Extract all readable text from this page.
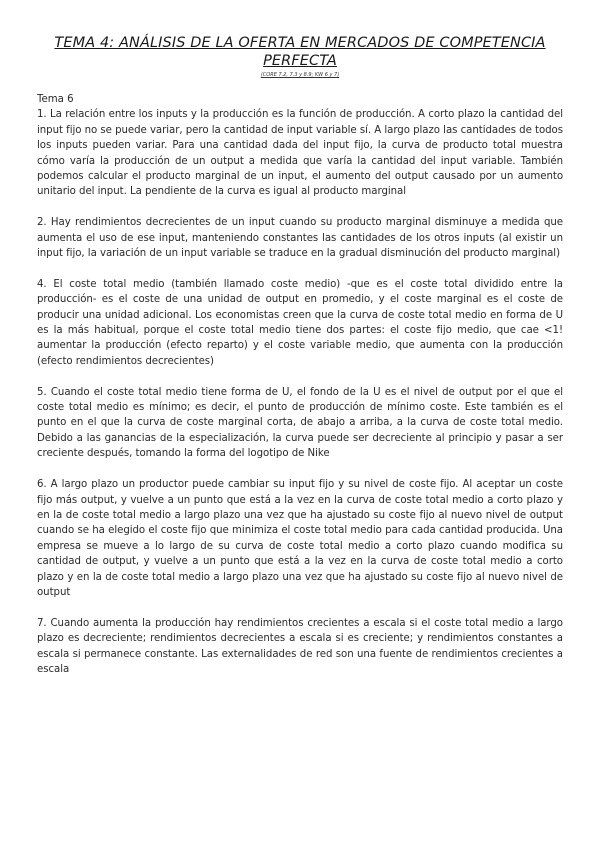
TEMA 4: ANÁLISIS DE LA OFERTA EN MERCADOS DE COMPETENCIA PERFECTA
(CORE 7.2, 7.3 y 8.9; KW 6 y 7)

Tema 6

1. La relación entre los inputs y la producción es la función de producción. A corto plazo la cantidad del input fijo no se puede variar, pero la cantidad de input variable sí. A largo plazo las cantidades de todos los inputs pueden variar. Para una cantidad dada del input fijo, la curva de producto total muestra cómo varía la producción de un output a medida que varía la cantidad del input variable. También podemos calcular el producto marginal de un input, el aumento del output causado por un aumento unitario del input. La pendiente de la curva es igual al producto marginal

2. Hay rendimientos decrecientes de un input cuando su producto marginal disminuye a medida que aumenta el uso de ese input, manteniendo constantes las cantidades de los otros inputs (al existir un input fijo, la variación de un input variable se traduce en la gradual disminución del producto marginal)

4. El coste total medio (también llamado coste medio) -que es el coste total dividido entre la producción- es el coste de una unidad de output en promedio, y el coste marginal es el coste de producir una unidad adicional. Los economistas creen que la curva de coste total medio en forma de U es la más habitual, porque el coste total medio tiene dos partes: el coste fijo medio, que cae <1! aumentar la producción (efecto reparto) y el coste variable medio, que aumenta con la producción (efecto rendimientos decrecientes)

5. Cuando el coste total medio tiene forma de U, el fondo de la U es el nivel de output por el que el coste total medio es mínimo; es decir, el punto de producción de mínimo coste. Este también es el punto en el que la curva de coste marginal corta, de abajo a arriba, a la curva de coste total medio. Debido a las ganancias de la especialización, la curva puede ser decreciente al principio y pasar a ser creciente después, tomando la forma del logotipo de Nike

6. A largo plazo un productor puede cambiar su input fijo y su nivel de coste fijo. Al aceptar un coste fijo más output, y vuelve a un punto que está a la vez en la curva de coste total medio a corto plazo y en la de coste total medio a largo plazo una vez que ha ajustado su coste fijo al nuevo nivel de output cuando se ha elegido el coste fijo que minimiza el coste total medio para cada cantidad producida. Una empresa se mueve a lo largo de su curva de coste total medio a corto plazo cuando modifica su cantidad de output, y vuelve a un punto que está a la vez en la curva de coste total medio a corto plazo y en la de coste total medio a largo plazo una vez que ha ajustado su coste fijo al nuevo nivel de output

7. Cuando aumenta la producción hay rendimientos crecientes a escala si el coste total medio a largo plazo es decreciente; rendimientos decrecientes a escala si es creciente; y rendimientos constantes a escala si permanece constante. Las externalidades de red son una fuente de rendimientos crecientes a escala
